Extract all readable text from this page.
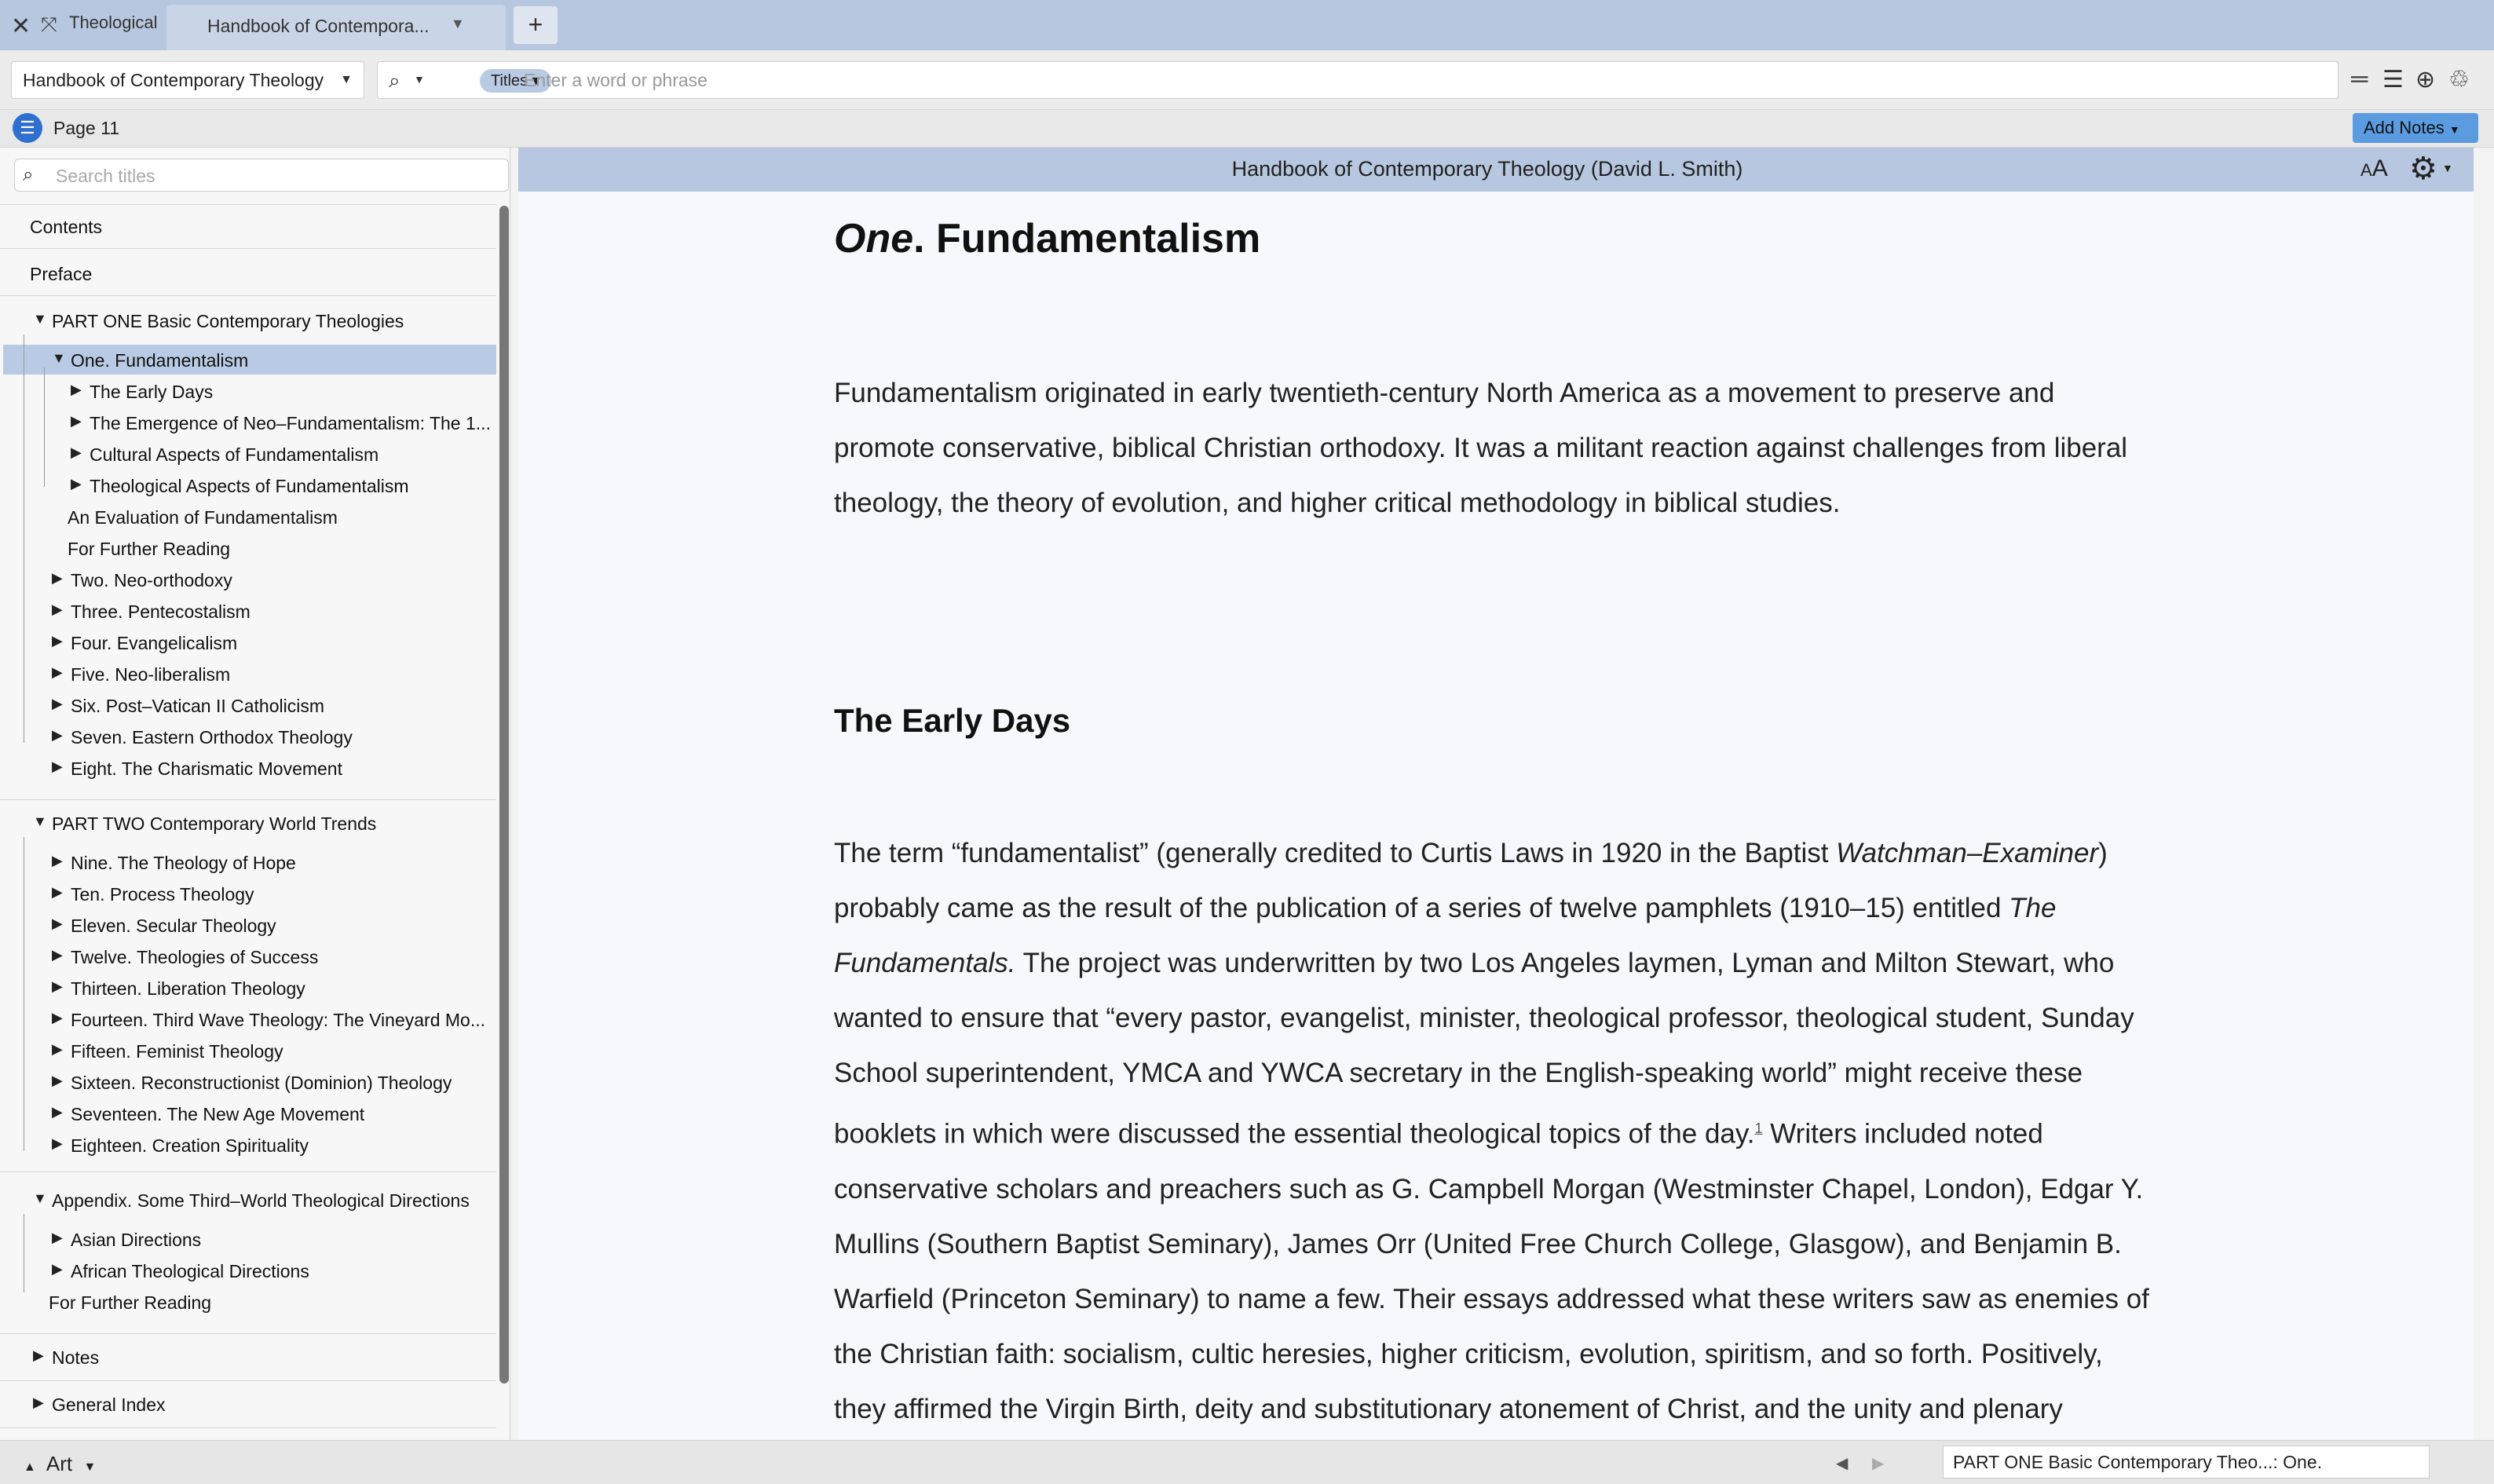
✕ ⤧ Theological	Handbook of Contempora... ▼	+
Handbook of Contemporary Theology ▼ ⌕ ▼	Titles ▾
Enter a word or phrase	═ ☰ ⊕ ♲
☰	Page 11	Add Notes ▼
⌕
Search titles
Contents
Preface
▼ PART ONE Basic Contemporary Theologies
▼ One. Fundamentalism
▶ The Early Days
▶ The Emergence of Neo–Fundamentalism: The 1...
▶ Cultural Aspects of Fundamentalism
▶ Theological Aspects of Fundamentalism
An Evaluation of Fundamentalism
For Further Reading
▶ Two. Neo-orthodoxy
▶ Three. Pentecostalism
▶ Four. Evangelicalism
▶ Five. Neo-liberalism
▶ Six. Post–Vatican II Catholicism
▶ Seven. Eastern Orthodox Theology
▶ Eight. The Charismatic Movement
▼ PART TWO Contemporary World Trends
▶ Nine. The Theology of Hope
▶ Ten. Process Theology
▶ Eleven. Secular Theology
▶ Twelve. Theologies of Success
▶ Thirteen. Liberation Theology
▶ Fourteen. Third Wave Theology: The Vineyard Mo...
▶ Fifteen. Feminist Theology
▶ Sixteen. Reconstructionist (Dominion) Theology
▶ Seventeen. The New Age Movement
▶ Eighteen. Creation Spirituality
▼ Appendix. Some Third–World Theological Directions
▶ Asian Directions
▶ African Theological Directions
For Further Reading
▶ Notes
▶ General Index
Handbook of Contemporary Theology (David L. Smith)	AA ⚙ ▼
One. Fundamentalism

Fundamentalism originated in early twentieth-century North America as a movement to preserve and promote conservative, biblical Christian orthodoxy. It was a militant reaction against challenges from liberal theology, the theory of evolution, and higher critical methodology in biblical studies.

The Early Days

The term “fundamentalist” (generally credited to Curtis Laws in 1920 in the Baptist Watchman–Examiner) probably came as the result of the publication of a series of twelve pamphlets (1910–15) entitled The Fundamentals. The project was underwritten by two Los Angeles laymen, Lyman and Milton Stewart, who wanted to ensure that “every pastor, evangelist, minister, theological professor, theological student, Sunday School superintendent, YMCA and YWCA secretary in the English-speaking world” might receive these booklets in which were discussed the essential theological topics of the day.$^1$ Writers included noted conservative scholars and preachers such as G. Campbell Morgan (Westminster Chapel, London), Edgar Y. Mullins (Southern Baptist Seminary), James Orr (United Free Church College, Glasgow), and Benjamin B. Warfield (Princeton Seminary) to name a few. Their essays addressed what these writers saw as enemies of the Christian faith: socialism, cultic heresies, higher criticism, evolution, spiritism, and so forth. Positively, they affirmed the Virgin Birth, deity and substitutionary atonement of Christ, and the unity and plenary

▲ Art ▼	◀ ▶	PART ONE Basic Contemporary Theo...: One.
